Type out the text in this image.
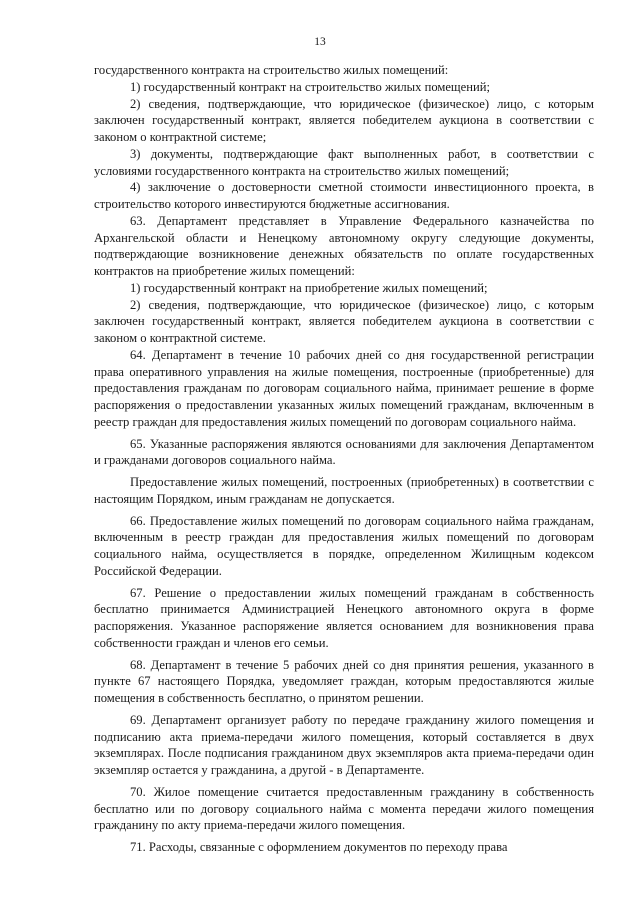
13

государственного контракта на строительство жилых помещений:

1) государственный контракт на строительство жилых помещений;

2) сведения, подтверждающие, что юридическое (физическое) лицо, с которым заключен государственный контракт, является победителем аукциона в соответствии с законом о контрактной системе;

3) документы, подтверждающие факт выполненных работ, в соответствии с условиями государственного контракта на строительство жилых помещений;

4) заключение о достоверности сметной стоимости инвестиционного проекта, в строительство которого инвестируются бюджетные ассигнования.

63. Департамент представляет в Управление Федерального казначейства по Архангельской области и Ненецкому автономному округу следующие документы, подтверждающие возникновение денежных обязательств по оплате государственных контрактов на приобретение жилых помещений:

1) государственный контракт на приобретение жилых помещений;

2) сведения, подтверждающие, что юридическое (физическое) лицо, с которым заключен государственный контракт, является победителем аукциона в соответствии с законом о контрактной системе.

64. Департамент в течение 10 рабочих дней со дня государственной регистрации права оперативного управления на жилые помещения, построенные (приобретенные) для предоставления гражданам по договорам социального найма, принимает решение в форме распоряжения о предоставлении указанных жилых помещений гражданам, включенным в реестр граждан для предоставления жилых помещений по договорам социального найма.

65. Указанные распоряжения являются основаниями для заключения Департаментом и гражданами договоров социального найма.

Предоставление жилых помещений, построенных (приобретенных) в соответствии с настоящим Порядком, иным гражданам не допускается.

66. Предоставление жилых помещений по договорам социального найма гражданам, включенным в реестр граждан для предоставления жилых помещений по договорам социального найма, осуществляется в порядке, определенном Жилищным кодексом Российской Федерации.

67. Решение о предоставлении жилых помещений гражданам в собственность бесплатно принимается Администрацией Ненецкого автономного округа в форме распоряжения. Указанное распоряжение является основанием для возникновения права собственности граждан и членов его семьи.

68. Департамент в течение 5 рабочих дней со дня принятия решения, указанного в пункте 67 настоящего Порядка, уведомляет граждан, которым предоставляются жилые помещения в собственность бесплатно, о принятом решении.

69. Департамент организует работу по передаче гражданину жилого помещения и подписанию акта приема-передачи жилого помещения, который составляется в двух экземплярах. После подписания гражданином двух экземпляров акта приема-передачи один экземпляр остается у гражданина, а другой - в Департаменте.

70. Жилое помещение считается предоставленным гражданину в собственность бесплатно или по договору социального найма с момента передачи жилого помещения гражданину по акту приема-передачи жилого помещения.

71. Расходы, связанные с оформлением документов по переходу права
